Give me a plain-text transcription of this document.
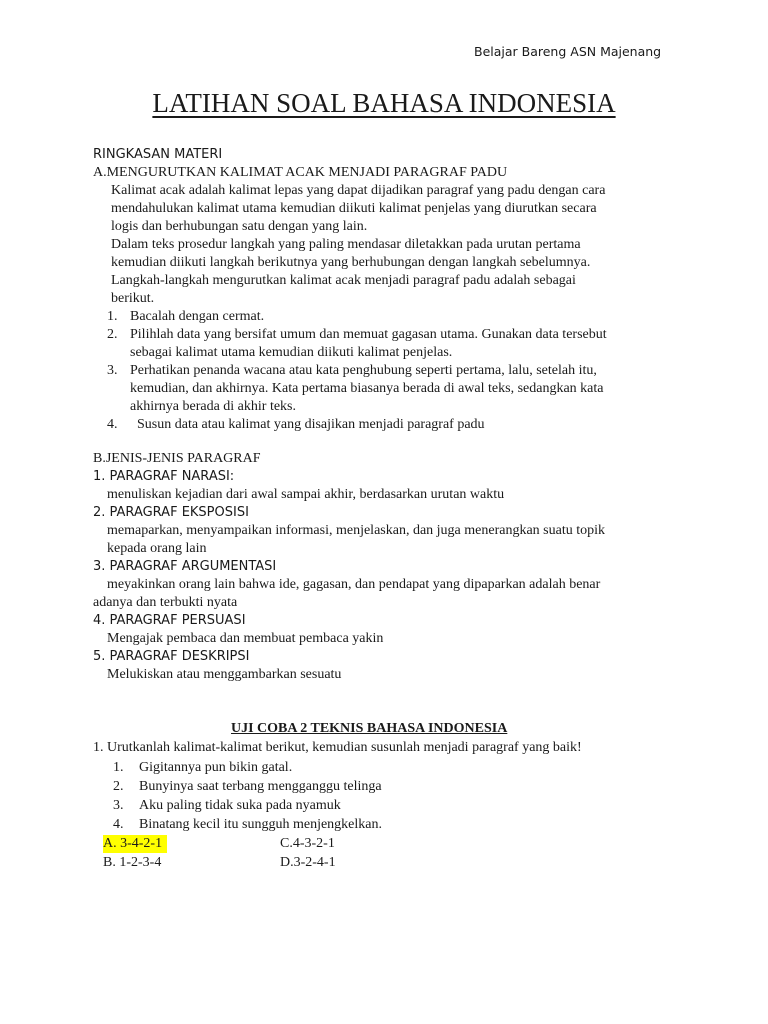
Belajar Bareng ASN Majenang
LATIHAN SOAL BAHASA INDONESIA
RINGKASAN MATERI
A.MENGURUTKAN KALIMAT ACAK MENJADI PARAGRAF PADU
Kalimat acak adalah kalimat lepas yang dapat dijadikan paragraf yang padu dengan cara
mendahulukan kalimat utama kemudian diikuti kalimat penjelas yang diurutkan secara
logis dan berhubungan satu dengan yang lain.
Dalam teks prosedur langkah yang paling mendasar diletakkan pada urutan pertama
kemudian diikuti langkah berikutnya yang berhubungan dengan langkah sebelumnya.
Langkah-langkah mengurutkan kalimat acak menjadi paragraf padu adalah sebagai
berikut.
1. Bacalah dengan cermat.
2. Pilihlah data yang bersifat umum dan memuat gagasan utama. Gunakan data tersebut
sebagai kalimat utama kemudian diikuti kalimat penjelas.
3. Perhatikan penanda wacana atau kata penghubung seperti pertama, lalu, setelah itu,
kemudian, dan akhirnya. Kata pertama biasanya berada di awal teks, sedangkan kata
akhirnya berada di akhir teks.
4. Susun data atau kalimat yang disajikan menjadi paragraf padu
B.JENIS-JENIS PARAGRAF
1. PARAGRAF NARASI:
menuliskan kejadian dari awal sampai akhir, berdasarkan urutan waktu
2. PARAGRAF EKSPOSISI
memaparkan, menyampaikan informasi, menjelaskan, dan juga menerangkan suatu topik
kepada orang lain
3. PARAGRAF ARGUMENTASI
meyakinkan orang lain bahwa ide, gagasan, dan pendapat yang dipaparkan adalah benar
adanya dan terbukti nyata
4. PARAGRAF PERSUASI
Mengajak pembaca dan membuat pembaca yakin
5. PARAGRAF DESKRIPSI
Melukiskan atau menggambarkan sesuatu
UJI COBA 2 TEKNIS BAHASA INDONESIA
1. Urutkanlah kalimat-kalimat berikut, kemudian susunlah menjadi paragraf yang baik!
1. Gigitannya pun bikin gatal.
2. Bunyinya saat terbang mengganggu telinga
3. Aku paling tidak suka pada nyamuk
4. Binatang kecil itu sungguh menjengkelkan.
A. 3-4-2-1	C.4-3-2-1
B. 1-2-3-4	D.3-2-4-1
